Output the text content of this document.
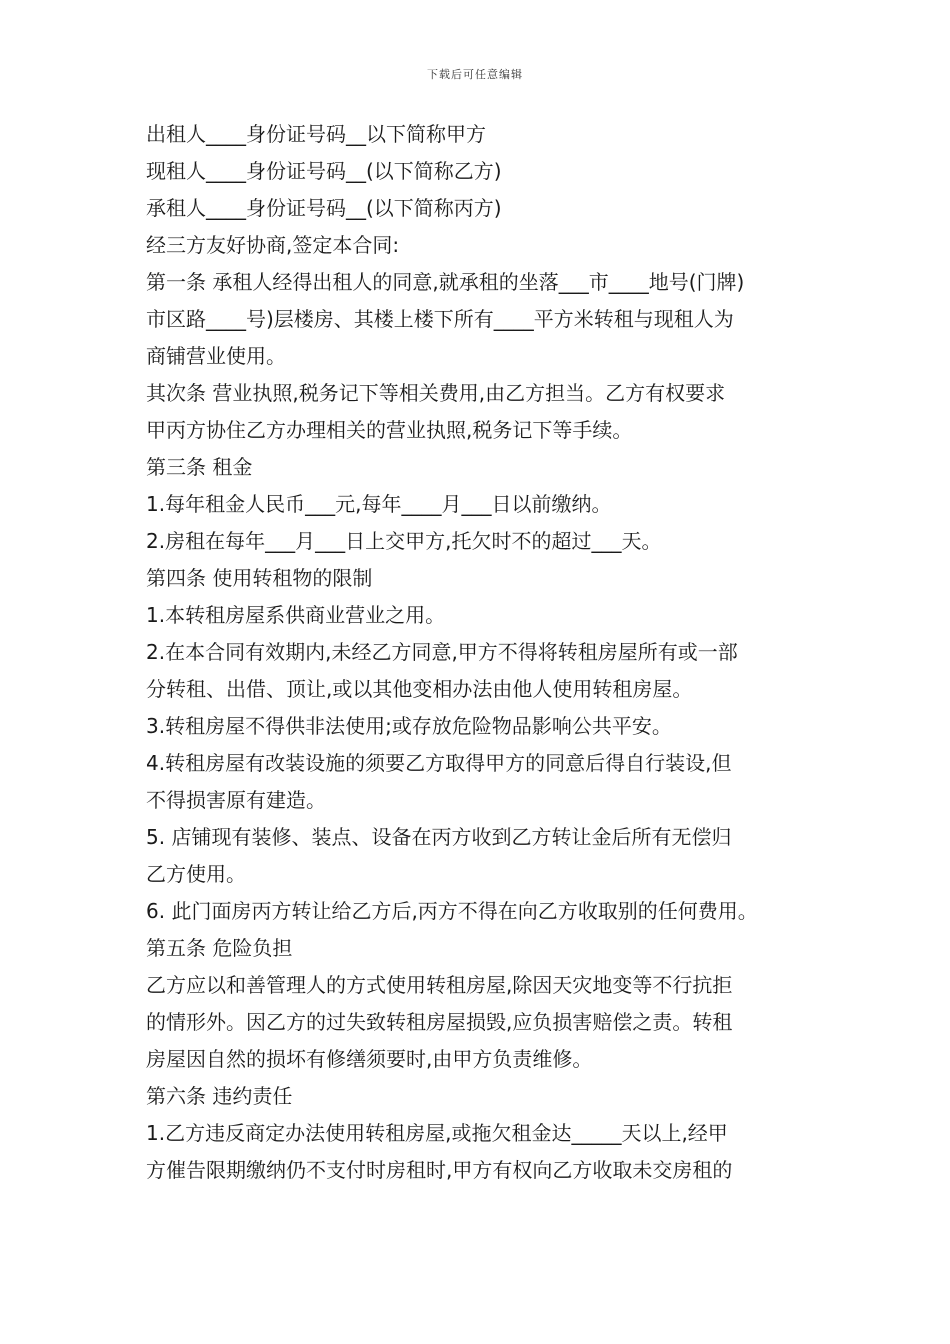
下载后可任意编辑
出租人____身份证号码__以下简称甲方
现租人____身份证号码__(以下简称乙方)
承租人____身份证号码__(以下简称丙方)
经三方友好协商,签定本合同:
第一条 承租人经得出租人的同意,就承租的坐落___市____地号(门牌)
市区路____号)层楼房、其楼上楼下所有____平方米转租与现租人为
商铺营业使用。
其次条 营业执照,税务记下等相关费用,由乙方担当。乙方有权要求
甲丙方协住乙方办理相关的营业执照,税务记下等手续。
第三条 租金
1.每年租金人民币___元,每年____月___日以前缴纳。
2.房租在每年___月___日上交甲方,托欠时不的超过___天。
第四条 使用转租物的限制
1.本转租房屋系供商业营业之用。
2.在本合同有效期内,未经乙方同意,甲方不得将转租房屋所有或一部
分转租、出借、顶让,或以其他变相办法由他人使用转租房屋。
3.转租房屋不得供非法使用;或存放危险物品影响公共平安。
4.转租房屋有改装设施的须要乙方取得甲方的同意后得自行装设,但
不得损害原有建造。
5. 店铺现有装修、装点、设备在丙方收到乙方转让金后所有无偿归
乙方使用。
6. 此门面房丙方转让给乙方后,丙方不得在向乙方收取别的任何费用。
第五条 危险负担
乙方应以和善管理人的方式使用转租房屋,除因天灾地变等不行抗拒
的情形外。因乙方的过失致转租房屋损毁,应负损害赔偿之责。转租
房屋因自然的损坏有修缮须要时,由甲方负责维修。
第六条 违约责任
1.乙方违反商定办法使用转租房屋,或拖欠租金达_____天以上,经甲
方催告限期缴纳仍不支付时房租时,甲方有权向乙方收取未交房租的
